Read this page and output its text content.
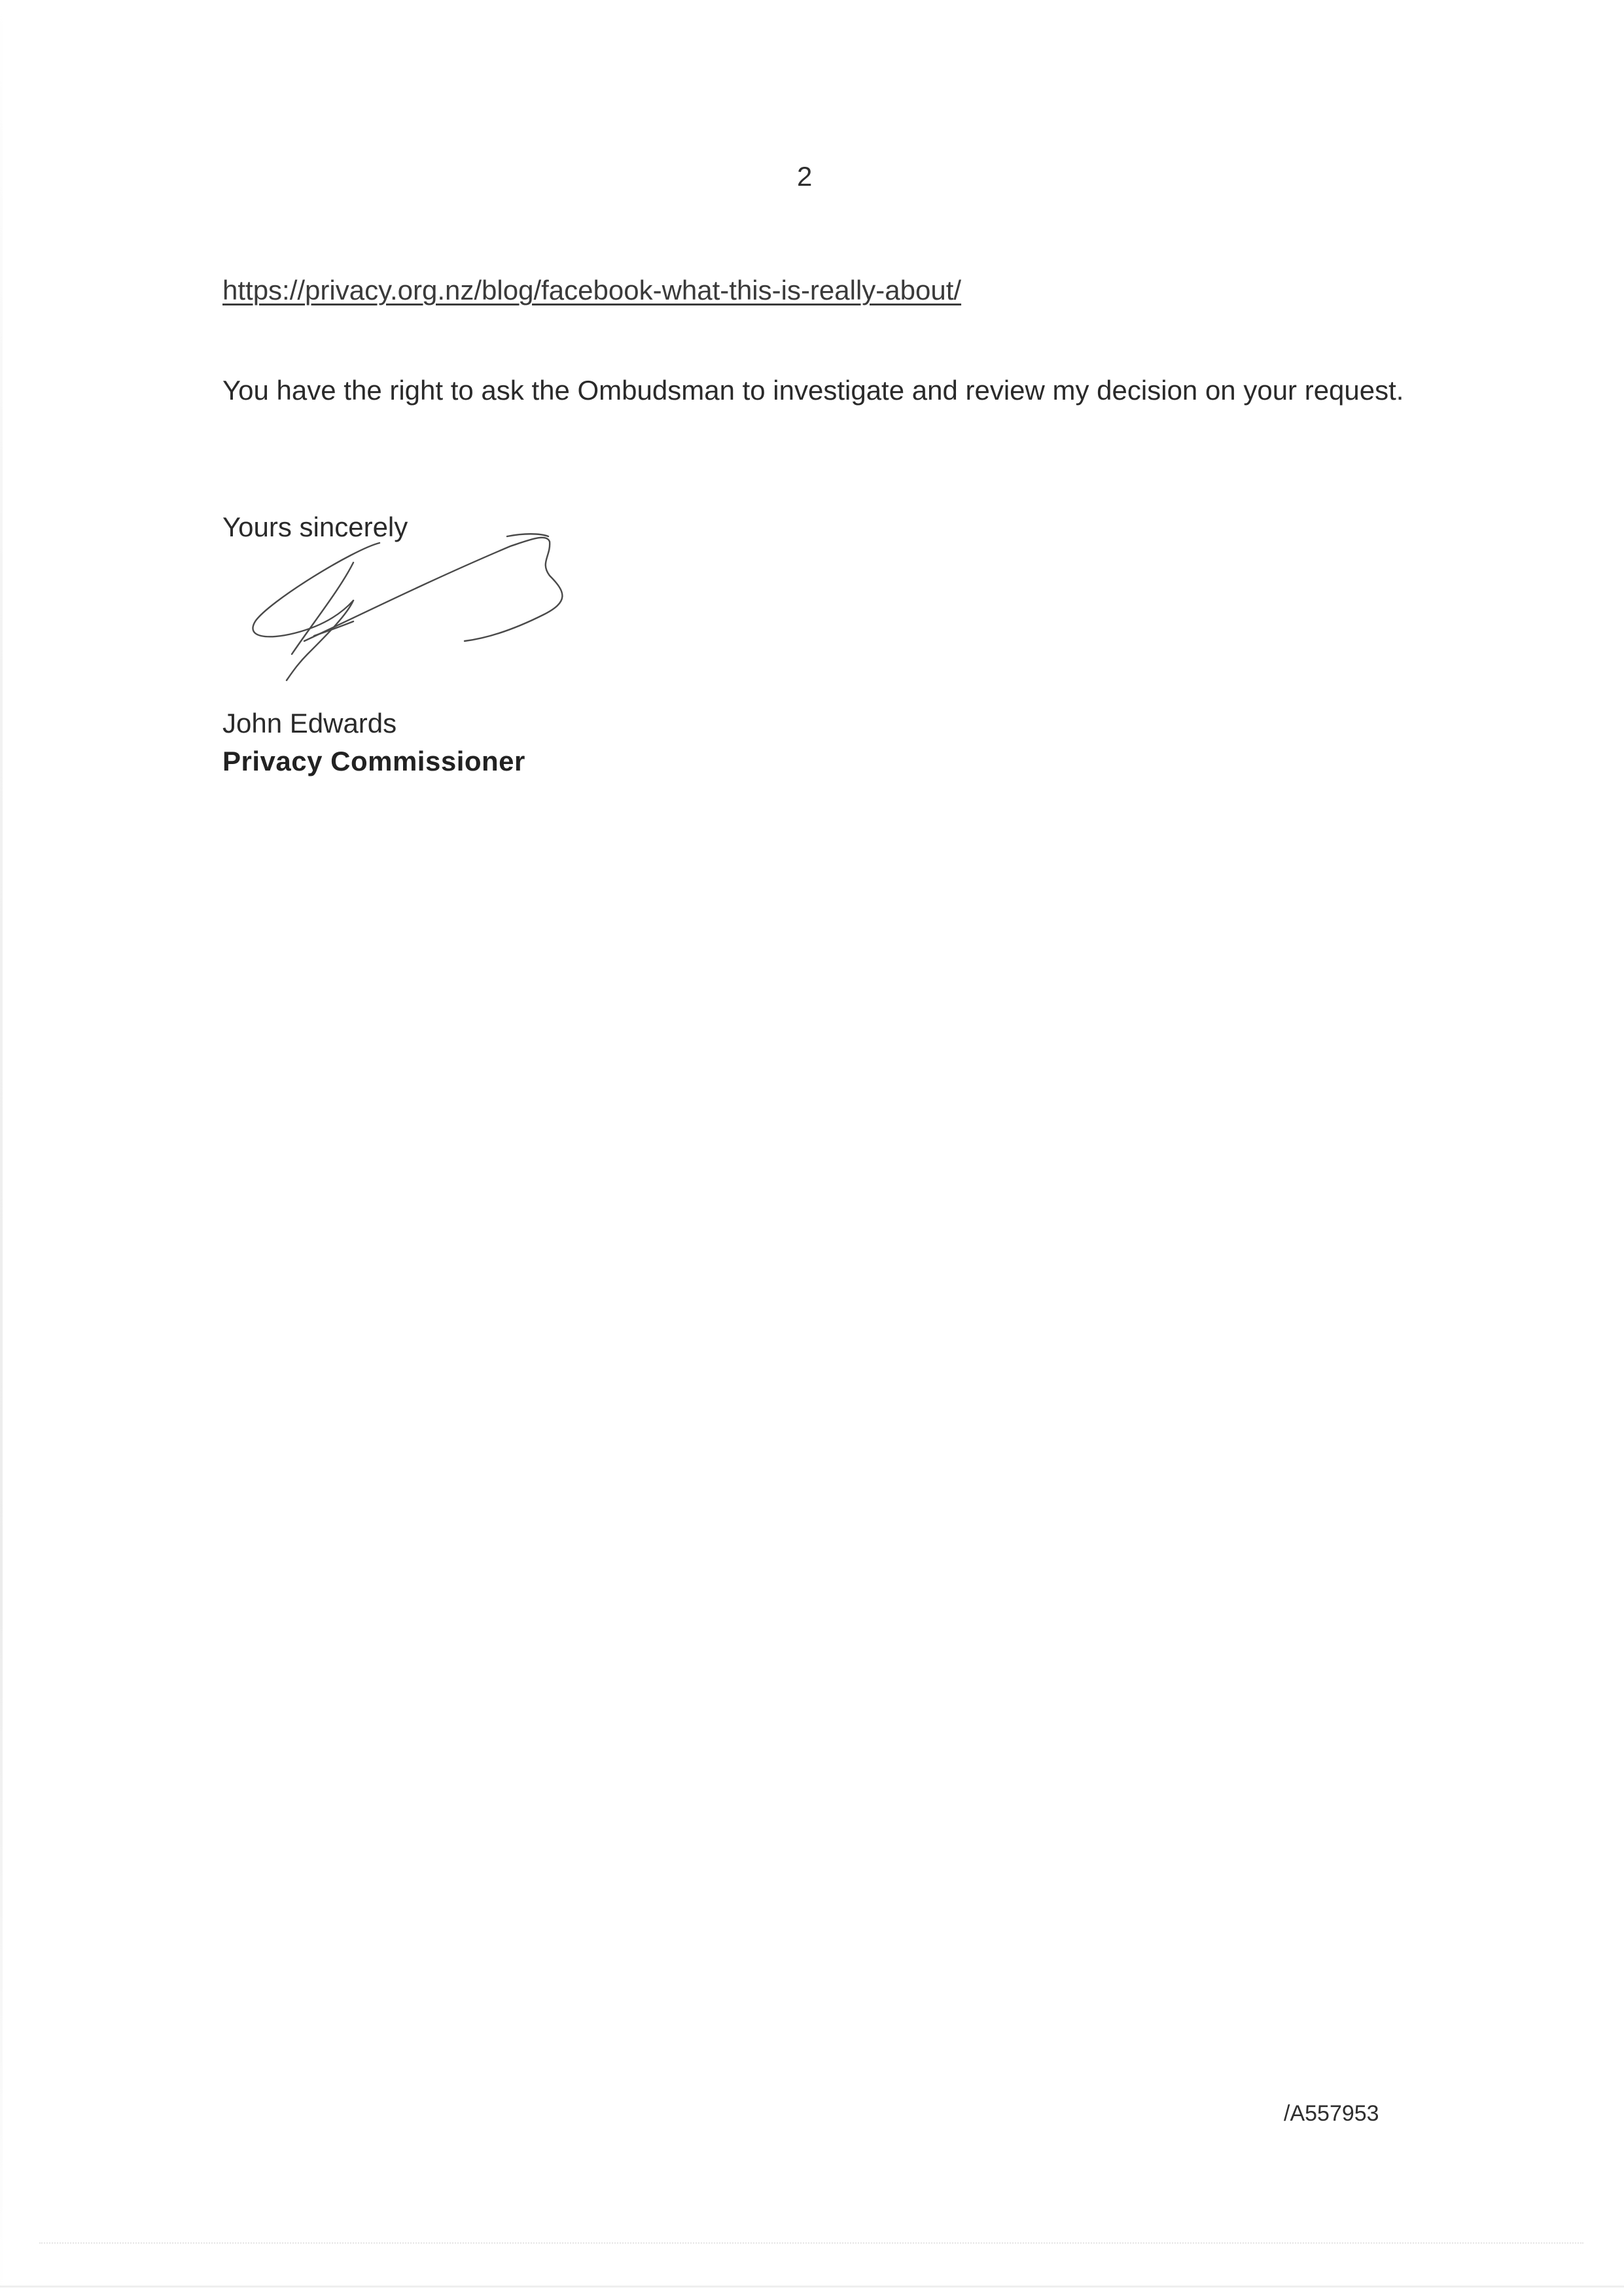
2
https://privacy.org.nz/blog/facebook-what-this-is-really-about/
You have the right to ask the Ombudsman to investigate and review my decision on your request.
Yours sincerely
John Edwards
Privacy Commissioner
/A557953
